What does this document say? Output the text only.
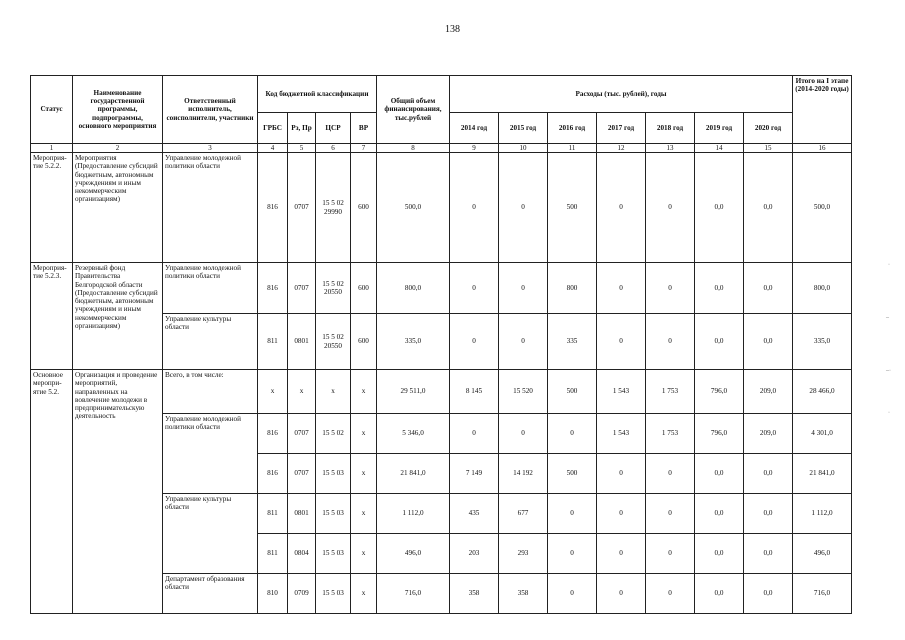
138
Статус	Наименование государственной программы, подпрограммы, основного мероприятия	Ответственный исполнитель, соисполнители, участники	Код бюджетной классификации				Общий объем финансирования, тыс.рублей	Расходы (тыс. рублей), годы							Итого на I этапе (2014-2020 годы)
			ГРБС	Рз, Пр	ЦСР	ВР		2014 год	2015 год	2016 год	2017 год	2018 год	2019 год	2020 год	
1	2	3	4	5	6	7	8	9	10	11	12	13	14	15	16
Мероприя-тие 5.2.2.	Мероприятия (Предоставление субсидий бюджетным, автономным учреждениям и иным некоммерческим организациям)	Управление молодежной политики области	816	0707	15 5 02 29990	600	500,0	0	0	500	0	0	0,0	0,0	500,0
Мероприя-тие 5.2.3.	Резервный фонд Правительства Белгородской области (Предоставление субсидий бюджетным, автономным учреждениям и иным некоммерческим организациям)	Управление молодежной политики области	816	0707	15 5 02 20550	600	800,0	0	0	800	0	0	0,0	0,0	800,0
		Управление культуры области	811	0801	15 5 02 20550	600	335,0	0	0	335	0	0	0,0	0,0	335,0
Основное меропри-ятие 5.2.	Организация и проведение мероприятий, направленных на вовлечение молодежи в предпринимательскую деятельность	Всего, в том числе:	х	х	х	х	29 511,0	8 145	15 520	500	1 543	1 753	796,0	209,0	28 466,0
		Управление молодежной политики области	816	0707	15 5 02	х	5 346,0	0	0	0	1 543	1 753	796,0	209,0	4 301,0
			816	0707	15 5 03	х	21 841,0	7 149	14 192	500	0	0	0,0	0,0	21 841,0
		Управление культуры области	811	0801	15 5 03	х	1 112,0	435	677	0	0	0	0,0	0,0	1 112,0
			811	0804	15 5 03	х	496,0	203	293	0	0	0	0,0	0,0	496,0
		Департамент образования области	810	0709	15 5 03	х	716,0	358	358	0	0	0	0,0	0,0	716,0
·
–
–·
·
